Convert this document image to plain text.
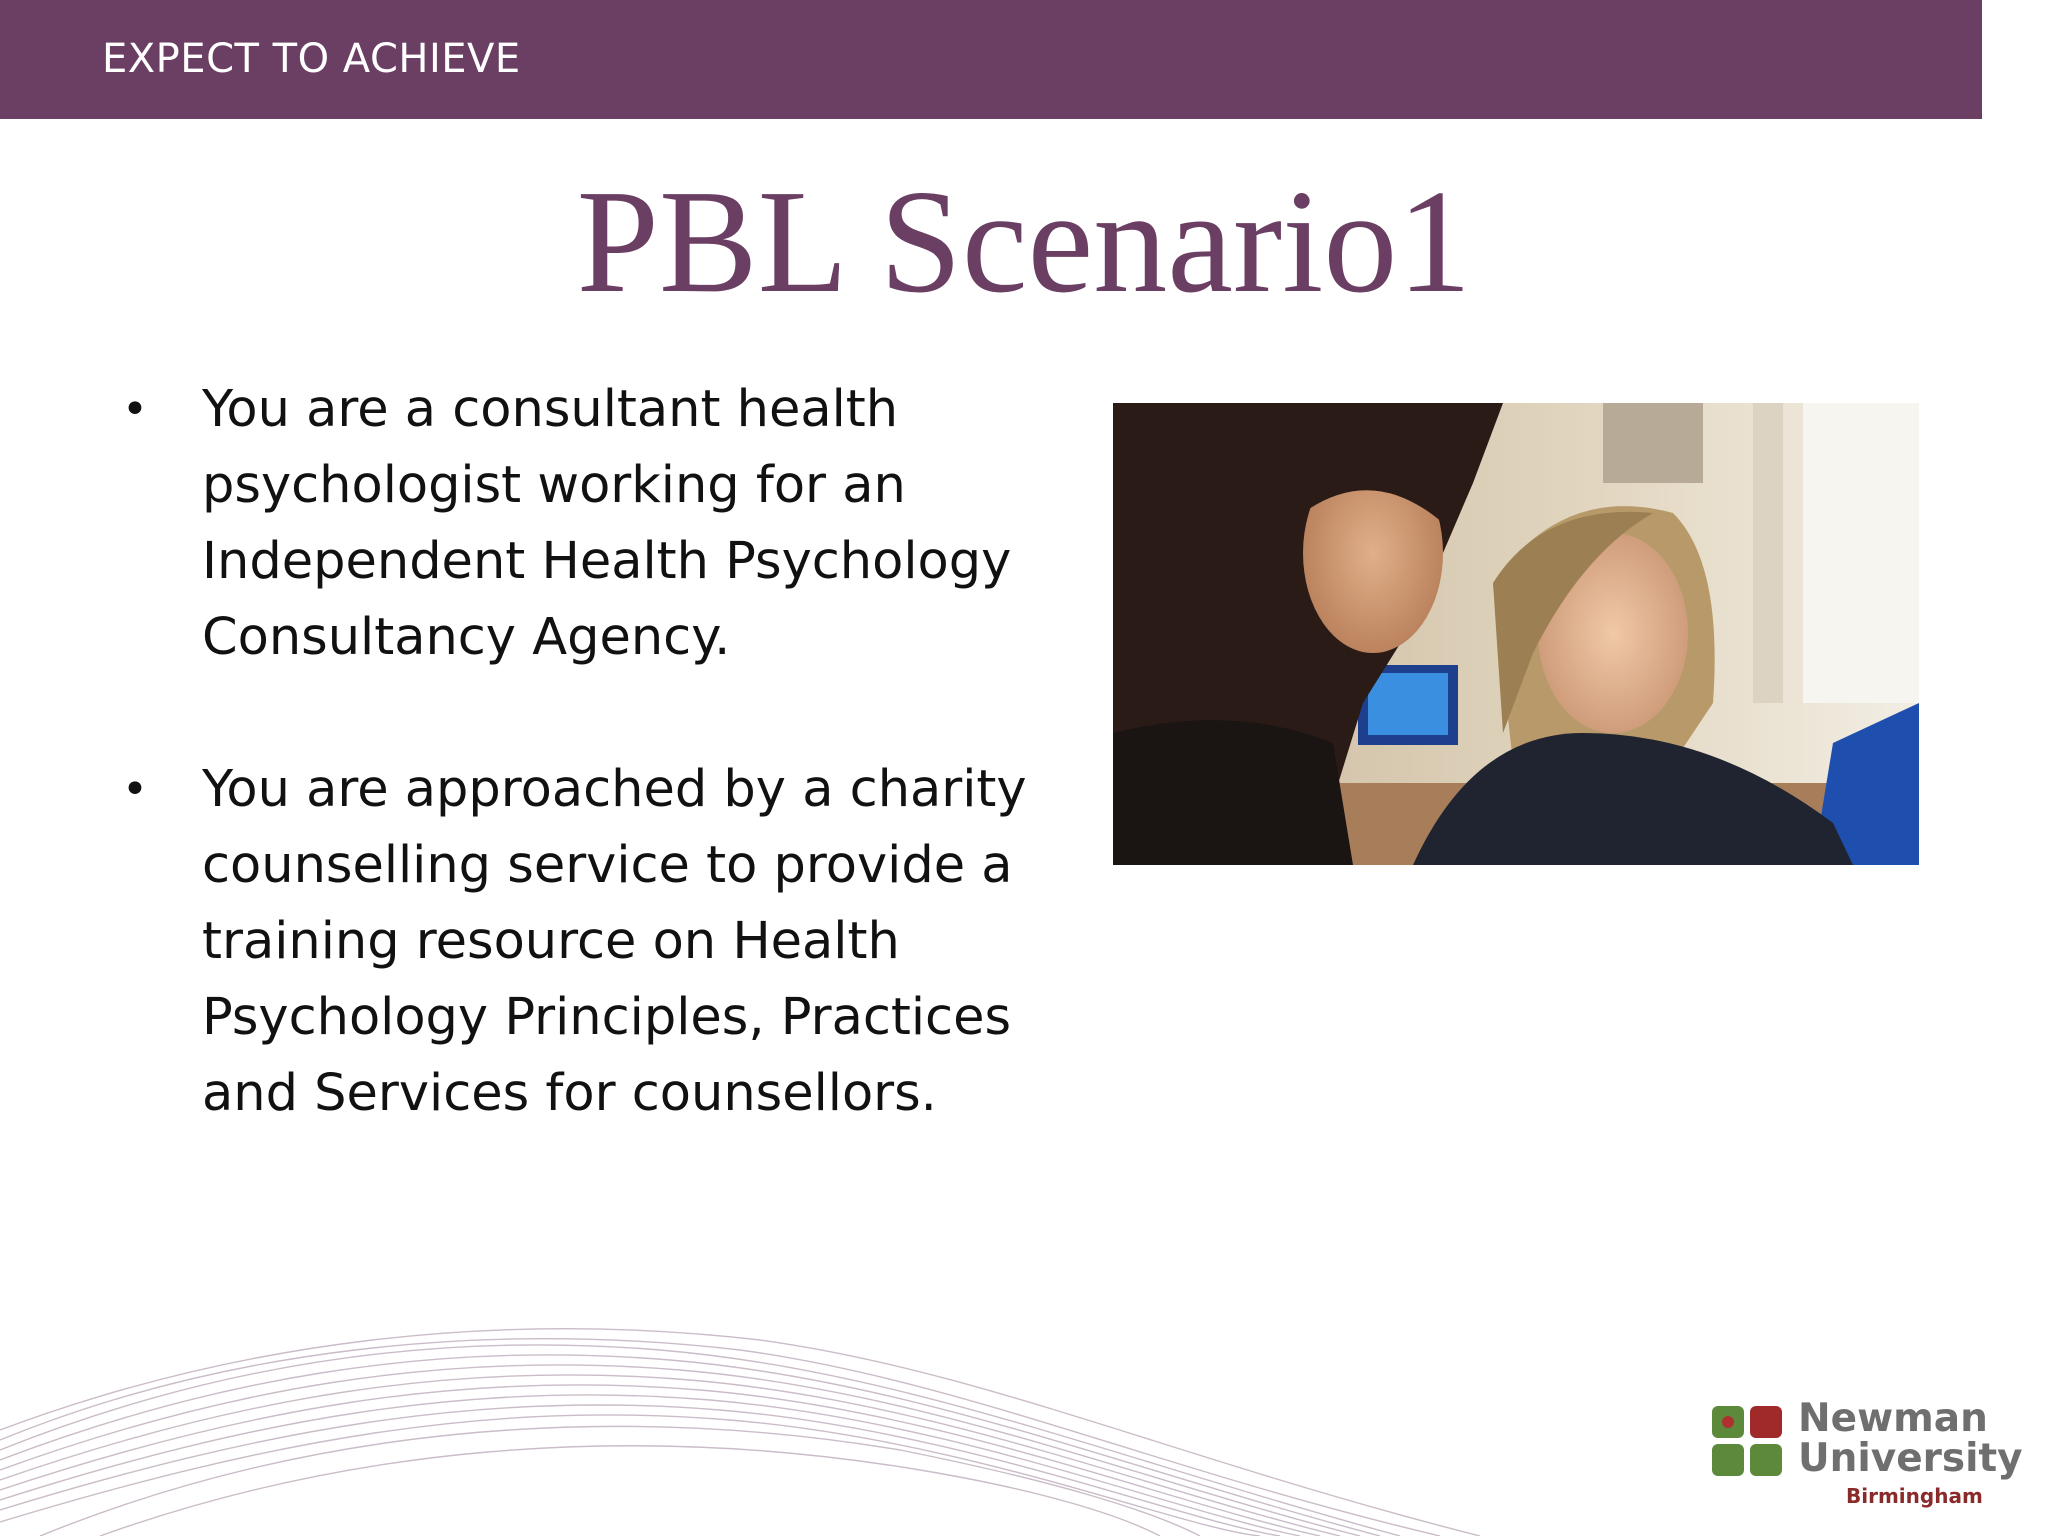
EXPECT TO ACHIEVE
PBL Scenario1
• You are a consultant health psychologist working for an Independent Health Psychology Consultancy Agency.
• You are approached by a charity counselling service to provide a training resource on Health Psychology Principles, Practices and Services for counsellors.
Newman
University
Birmingham
